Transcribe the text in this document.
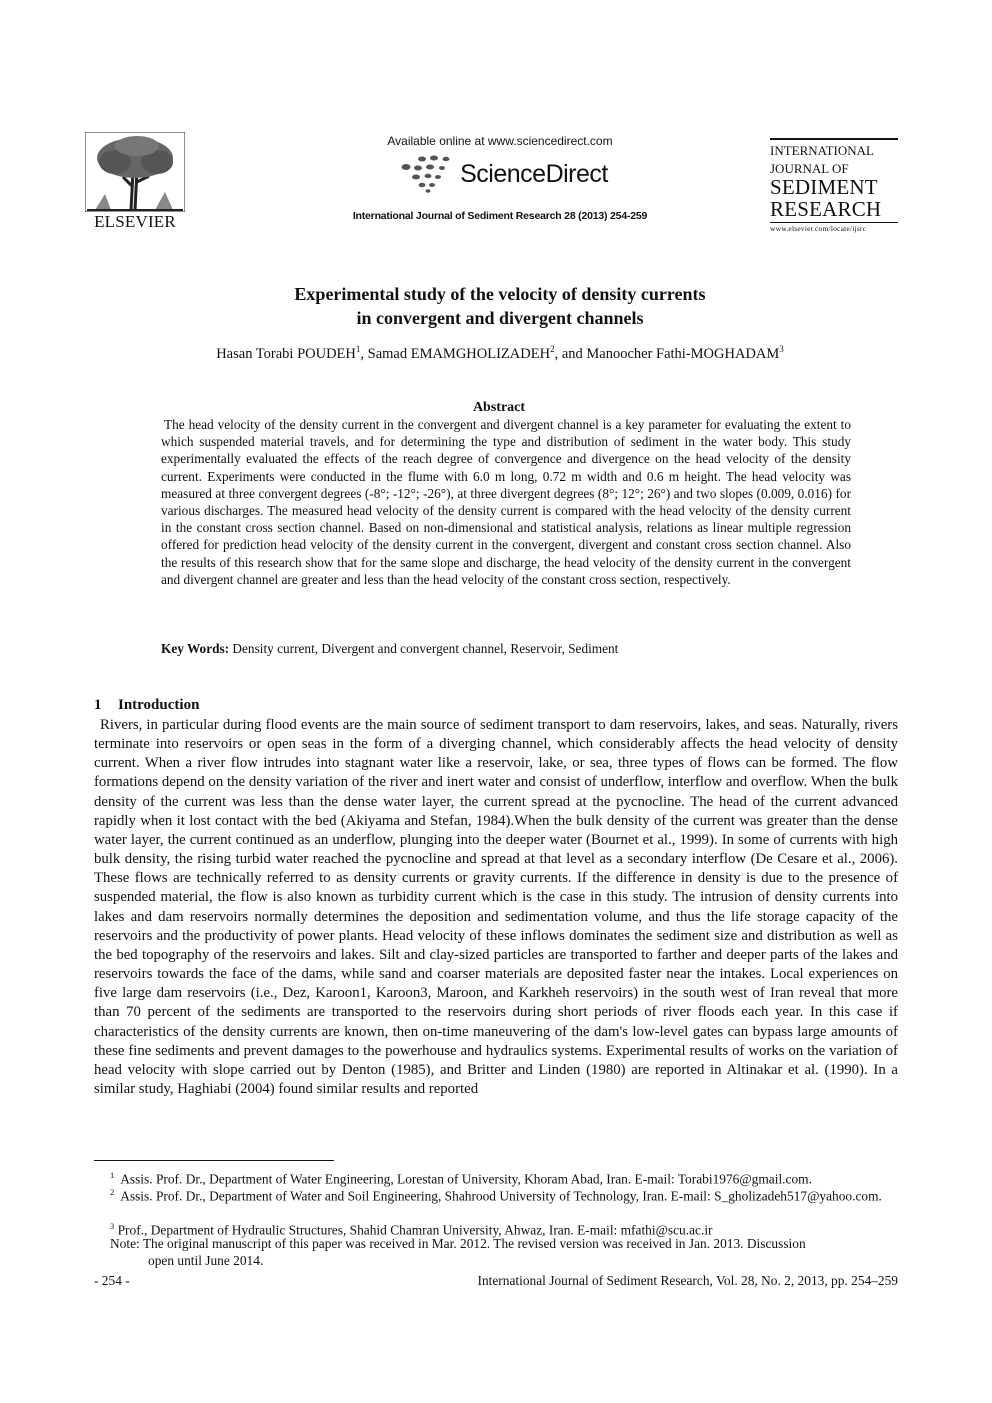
ELSEVIER
Available online at www.sciencedirect.com
ScienceDirect
International Journal of Sediment Research 28 (2013) 254-259
INTERNATIONAL
JOURNAL OF
SEDIMENT
RESEARCH
www.elsevier.com/locate/ijsrc
Experimental study of the velocity of density currents
in convergent and divergent channels
Hasan Torabi POUDEH$^1$, Samad EMAMGHOLIZADEH$^2$, and Manoocher Fathi-MOGHADAM$^3$
Abstract

The head velocity of the density current in the convergent and divergent channel is a key parameter for evaluating the extent to which suspended material travels, and for determining the type and distribution of sediment in the water body. This study experimentally evaluated the effects of the reach degree of convergence and divergence on the head velocity of the density current. Experiments were conducted in the flume with 6.0 m long, 0.72 m width and 0.6 m height. The head velocity was measured at three convergent degrees (-8°; -12°; -26°), at three divergent degrees (8°; 12°; 26°) and two slopes (0.009, 0.016) for various discharges. The measured head velocity of the density current is compared with the head velocity of the density current in the constant cross section channel. Based on non-dimensional and statistical analysis, relations as linear multiple regression offered for prediction head velocity of the density current in the convergent, divergent and constant cross section channel. Also the results of this research show that for the same slope and discharge, the head velocity of the density current in the convergent and divergent channel are greater and less than the head velocity of the constant cross section, respectively.

Key Words: Density current, Divergent and convergent channel, Reservoir, Sediment
1 Introduction

Rivers, in particular during flood events are the main source of sediment transport to dam reservoirs, lakes, and seas. Naturally, rivers terminate into reservoirs or open seas in the form of a diverging channel, which considerably affects the head velocity of density current. When a river flow intrudes into stagnant water like a reservoir, lake, or sea, three types of flows can be formed. The flow formations depend on the density variation of the river and inert water and consist of underflow, interflow and overflow. When the bulk density of the current was less than the dense water layer, the current spread at the pycnocline. The head of the current advanced rapidly when it lost contact with the bed (Akiyama and Stefan, 1984).When the bulk density of the current was greater than the dense water layer, the current continued as an underflow, plunging into the deeper water (Bournet et al., 1999). In some of currents with high bulk density, the rising turbid water reached the pycnocline and spread at that level as a secondary interflow (De Cesare et al., 2006). These flows are technically referred to as density currents or gravity currents. If the difference in density is due to the presence of suspended material, the flow is also known as turbidity current which is the case in this study. The intrusion of density currents into lakes and dam reservoirs normally determines the deposition and sedimentation volume, and thus the life storage capacity of the reservoirs and the productivity of power plants. Head velocity of these inflows dominates the sediment size and distribution as well as the bed topography of the reservoirs and lakes. Silt and clay-sized particles are transported to farther and deeper parts of the lakes and reservoirs towards the face of the dams, while sand and coarser materials are deposited faster near the intakes. Local experiences on five large dam reservoirs (i.e., Dez, Karoon1, Karoon3, Maroon, and Karkheh reservoirs) in the south west of Iran reveal that more than 70 percent of the sediments are transported to the reservoirs during short periods of river floods each year. In this case if characteristics of the density currents are known, then on-time maneuvering of the dam's low-level gates can bypass large amounts of these fine sediments and prevent damages to the powerhouse and hydraulics systems. Experimental results of works on the variation of head velocity with slope carried out by Denton (1985), and Britter and Linden (1980) are reported in Altinakar et al. (1990). In a similar study, Haghiabi (2004) found similar results and reported

$^1$ Assis. Prof. Dr., Department of Water Engineering, Lorestan of University, Khoram Abad, Iran. E-mail: Torabi1976@gmail.com.
$^2$ Assis. Prof. Dr., Department of Water and Soil Engineering, Shahrood University of Technology, Iran. E-mail: S_gholizadeh517@yahoo.com.
$^3$ Prof., Department of Hydraulic Structures, Shahid Chamran University, Ahwaz, Iran. E-mail: mfathi@scu.ac.ir
Note: The original manuscript of this paper was received in Mar. 2012. The revised version was received in Jan. 2013. Discussion
open until June 2014.
- 254 -	International Journal of Sediment Research, Vol. 28, No. 2, 2013, pp. 254–259
